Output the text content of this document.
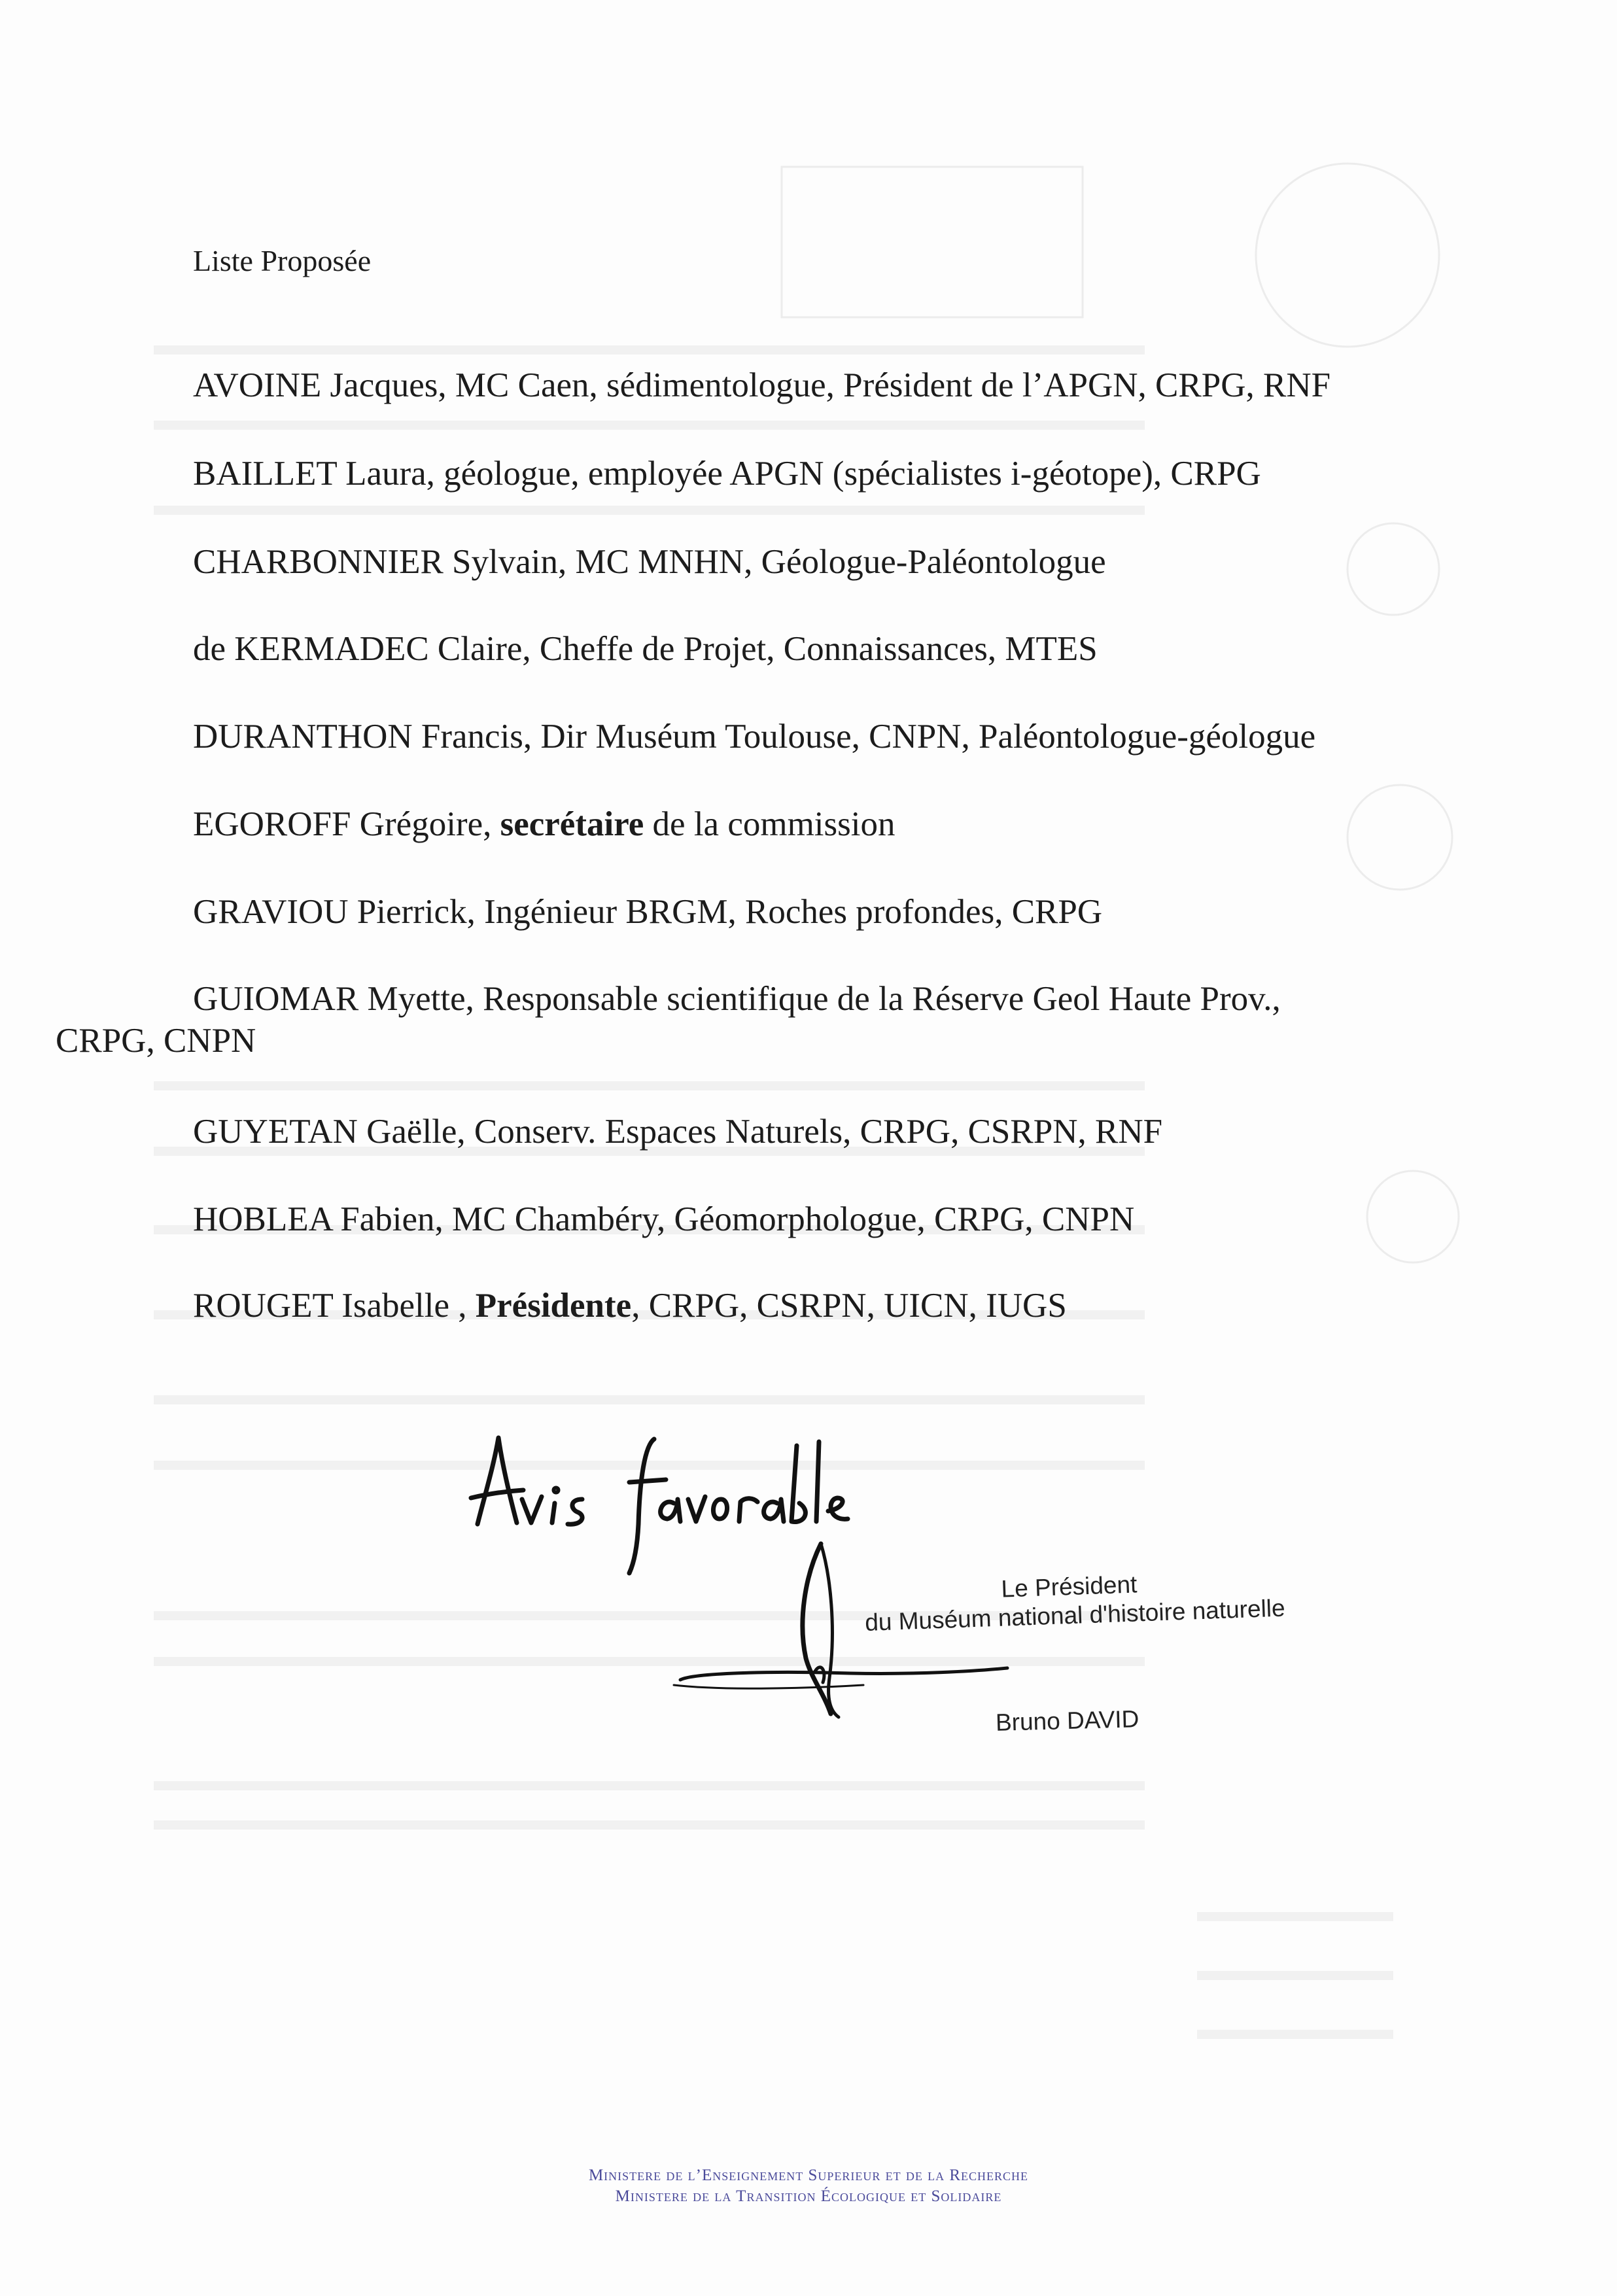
Liste Proposée
AVOINE Jacques, MC Caen, sédimentologue, Président de l’APGN, CRPG, RNF
BAILLET Laura, géologue, employée APGN (spécialistes i-géotope), CRPG
CHARBONNIER Sylvain, MC MNHN, Géologue-Paléontologue
de KERMADEC Claire, Cheffe de Projet, Connaissances, MTES
DURANTHON Francis, Dir Muséum Toulouse, CNPN, Paléontologue-géologue
EGOROFF Grégoire, secrétaire de la commission
GRAVIOU Pierrick, Ingénieur BRGM, Roches profondes, CRPG
GUIOMAR Myette, Responsable scientifique de la Réserve Geol Haute Prov.,
CRPG, CNPN
GUYETAN Gaëlle, Conserv. Espaces Naturels, CRPG, CSRPN, RNF
HOBLEA Fabien, MC Chambéry, Géomorphologue, CRPG, CNPN
ROUGET Isabelle , Présidente, CRPG, CSRPN, UICN, IUGS
Le Président
du Muséum national d'histoire naturelle
Bruno DAVID
Ministere de l’Enseignement Superieur et de la Recherche
Ministere de la Transition Écologique et Solidaire
